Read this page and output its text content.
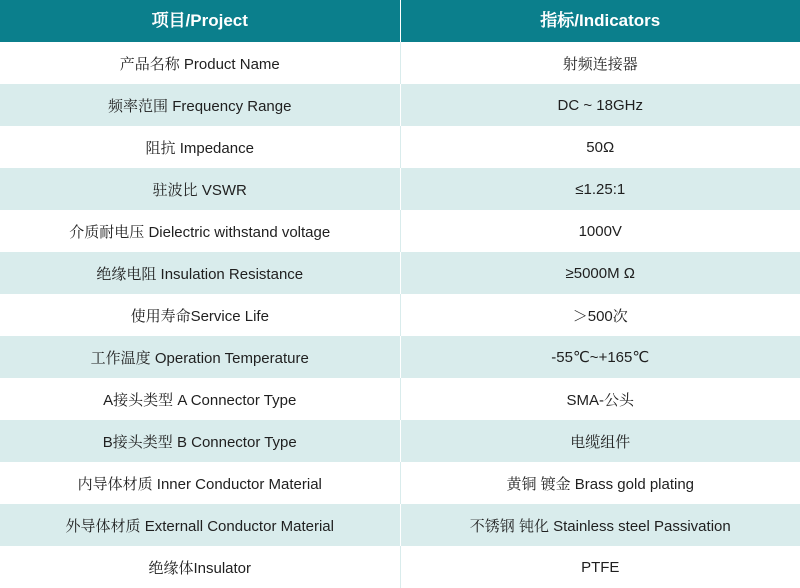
项目/Project	指标/Indicators
产品名称 Product Name	射频连接器
频率范围 Frequency Range	DC ~ 18GHz
阻抗 Impedance	50Ω
驻波比 VSWR	≤1.25:1
介质耐电压 Dielectric withstand voltage	1000V
绝缘电阻 Insulation Resistance	≥5000M Ω
使用寿命Service Life	＞500次
工作温度 Operation Temperature	-55℃~+165℃
A接头类型 A Connector Type	SMA-公头
B接头类型 B Connector Type	电缆组件
内导体材质 Inner Conductor Material	黄铜 镀金 Brass gold plating
外导体材质 Externall Conductor Material	不锈钢 钝化 Stainless steel Passivation
绝缘体Insulator	PTFE
